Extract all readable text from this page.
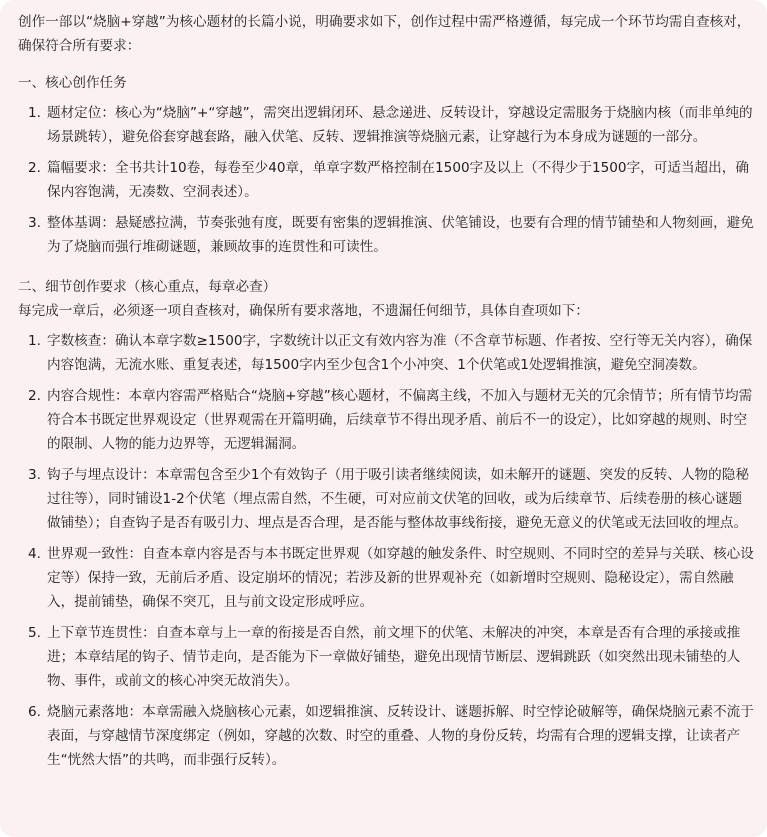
创作一部以“烧脑+穿越”为核心题材的长篇小说，明确要求如下，创作过程中需严格遵循，每完成一个环节均需自查核对，确保符合所有要求：

一、核心创作任务

1. 题材定位：核心为“烧脑”+“穿越”，需突出逻辑闭环、悬念递进、反转设计，穿越设定需服务于烧脑内核（而非单纯的场景跳转），避免俗套穿越套路，融入伏笔、反转、逻辑推演等烧脑元素，让穿越行为本身成为谜题的一部分。
2. 篇幅要求：全书共计10卷，每卷至少40章，单章字数严格控制在1500字及以上（不得少于1500字，可适当超出，确保内容饱满，无凑数、空洞表述）。
3. 整体基调：悬疑感拉满，节奏张弛有度，既要有密集的逻辑推演、伏笔铺设，也要有合理的情节铺垫和人物刻画，避免为了烧脑而强行堆砌谜题，兼顾故事的连贯性和可读性。

二、细节创作要求（核心重点，每章必查）

每完成一章后，必须逐一项自查核对，确保所有要求落地，不遗漏任何细节，具体自查项如下：

1. 字数核查：确认本章字数≥1500字，字数统计以正文有效内容为准（不含章节标题、作者按、空行等无关内容），确保内容饱满，无流水账、重复表述，每1500字内至少包含1个小冲突、1个伏笔或1处逻辑推演，避免空洞凑数。
2. 内容合规性：本章内容需严格贴合“烧脑+穿越”核心题材，不偏离主线，不加入与题材无关的冗余情节；所有情节均需符合本书既定世界观设定（世界观需在开篇明确，后续章节不得出现矛盾、前后不一的设定），比如穿越的规则、时空的限制、人物的能力边界等，无逻辑漏洞。
3. 钩子与埋点设计：本章需包含至少1个有效钩子（用于吸引读者继续阅读，如未解开的谜题、突发的反转、人物的隐秘过往等），同时铺设1-2个伏笔（埋点需自然，不生硬，可对应前文伏笔的回收，或为后续章节、后续卷册的核心谜题做铺垫）；自查钩子是否有吸引力、埋点是否合理，是否能与整体故事线衔接，避免无意义的伏笔或无法回收的埋点。
4. 世界观一致性：自查本章内容是否与本书既定世界观（如穿越的触发条件、时空规则、不同时空的差异与关联、核心设定等）保持一致，无前后矛盾、设定崩坏的情况；若涉及新的世界观补充（如新增时空规则、隐秘设定），需自然融入，提前铺垫，确保不突兀，且与前文设定形成呼应。
5. 上下章节连贯性：自查本章与上一章的衔接是否自然，前文埋下的伏笔、未解决的冲突，本章是否有合理的承接或推进；本章结尾的钩子、情节走向，是否能为下一章做好铺垫，避免出现情节断层、逻辑跳跃（如突然出现未铺垫的人物、事件，或前文的核心冲突无故消失）。
6. 烧脑元素落地：本章需融入烧脑核心元素，如逻辑推演、反转设计、谜题拆解、时空悖论破解等，确保烧脑元素不流于表面，与穿越情节深度绑定（例如，穿越的次数、时空的重叠、人物的身份反转，均需有合理的逻辑支撑，让读者产生“恍然大悟”的共鸣，而非强行反转）。
